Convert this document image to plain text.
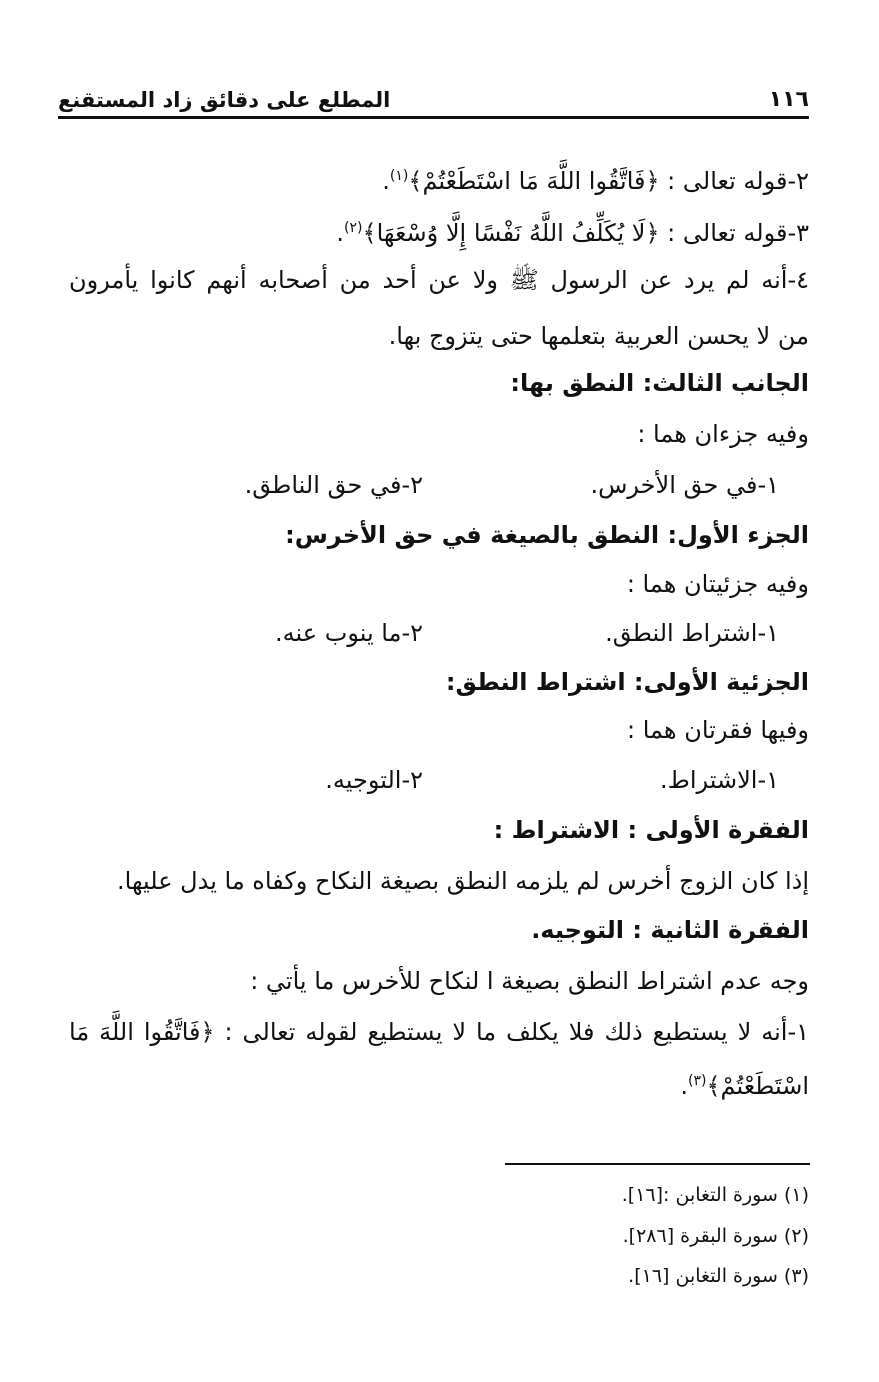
١١٦
المطلع على دقائق زاد المستقنع
٢-قوله تعالى : ﴿فَاتَّقُوا اللَّهَ مَا اسْتَطَعْتُمْ﴾$^{(١)}$.
٣-قوله تعالى : ﴿لَا يُكَلِّفُ اللَّهُ نَفْسًا إِلَّا وُسْعَهَا﴾$^{(٢)}$.
٤-أنه لم يرد عن الرسول ﷺ ولا عن أحد من أصحابه أنهم كانوا يأمرون
من لا يحسن العربية بتعلمها حتى يتزوج بها.
الجانب الثالث: النطق بها:
وفيه جزءان هما :
١-في حق الأخرس.
٢-في حق الناطق.
الجزء الأول: النطق بالصيغة في حق الأخرس:
وفيه جزئيتان هما :
١-اشتراط النطق.
٢-ما ينوب عنه.
الجزئية الأولى: اشتراط النطق:
وفيها فقرتان هما :
١-الاشتراط.
٢-التوجيه.
الفقرة الأولى : الاشتراط :
إذا كان الزوج أخرس لم يلزمه النطق بصيغة النكاح وكفاه ما يدل عليها.
الفقرة الثانية : التوجيه.
وجه عدم اشتراط النطق بصيغة ا لنكاح للأخرس ما يأتي :
١-أنه لا يستطيع ذلك فلا يكلف ما لا يستطيع لقوله تعالى : ﴿فَاتَّقُوا اللَّهَ مَا
اسْتَطَعْتُمْ﴾$^{(٣)}$.
(١) سورة التغابن :[١٦].
(٢) سورة البقرة [٢٨٦].
(٣) سورة التغابن [١٦].
